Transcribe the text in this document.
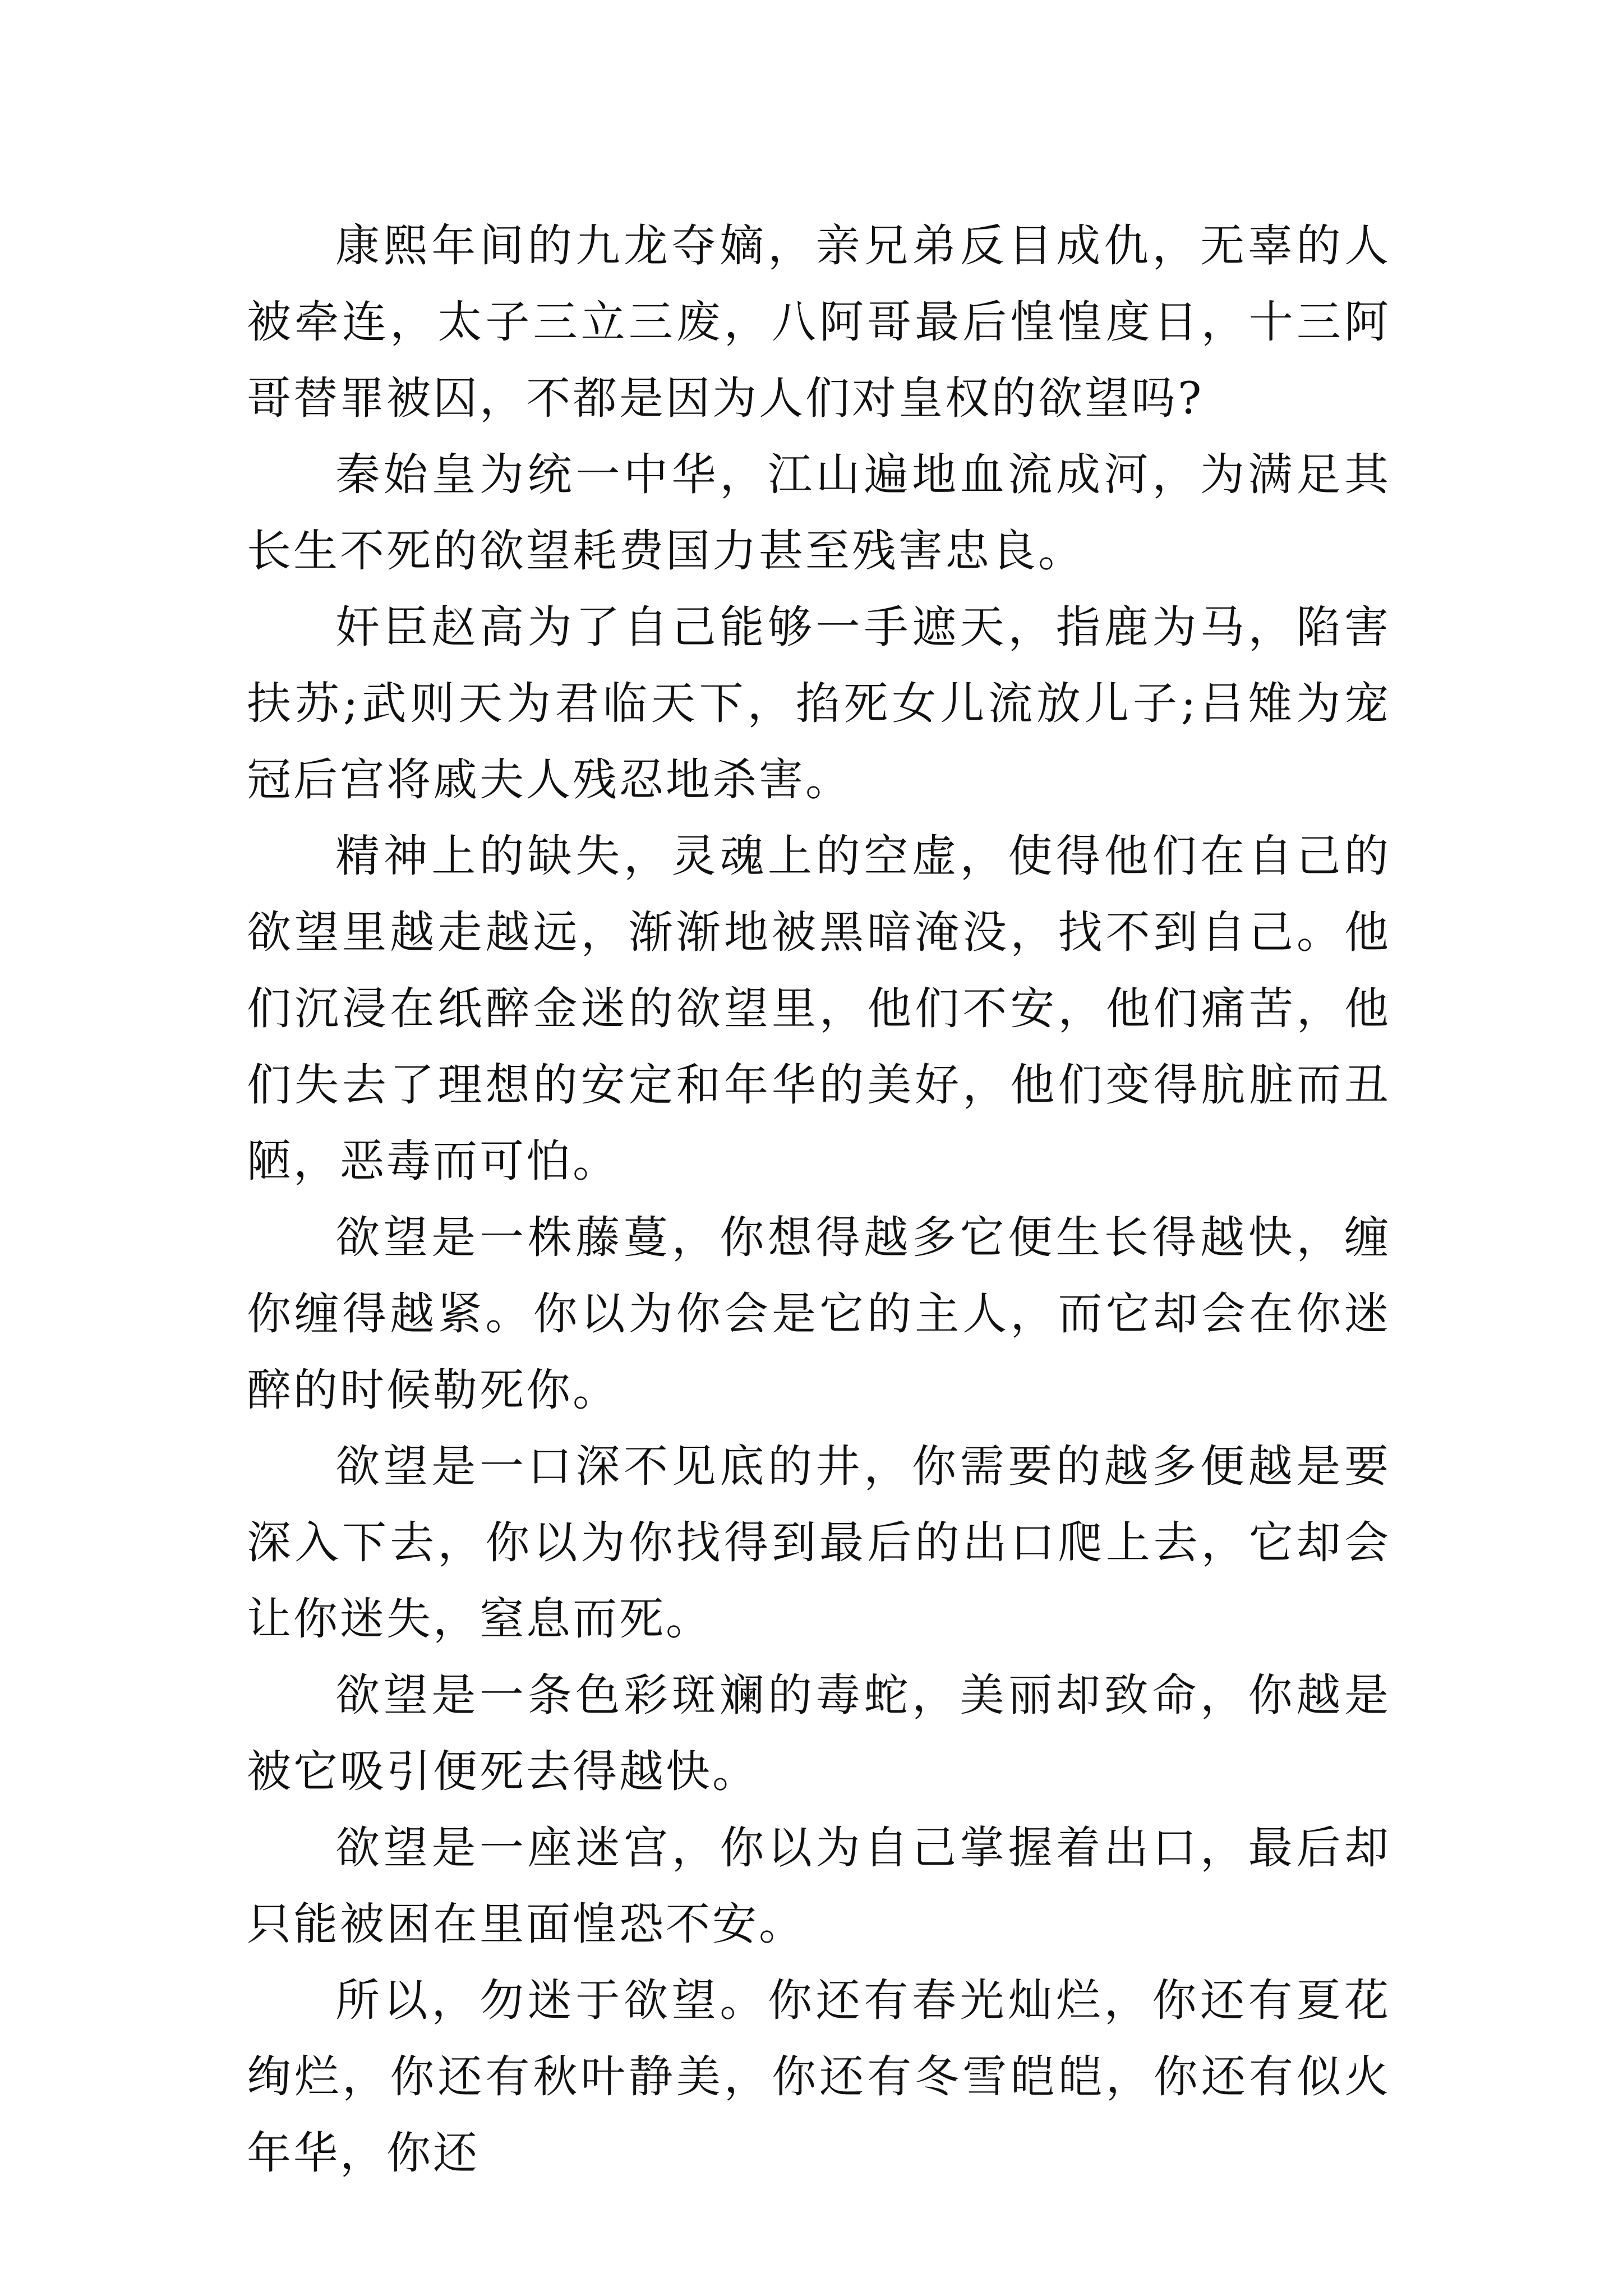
康熙年间的九龙夺嫡，亲兄弟反目成仇，无辜的人被牵连，太子三立三废，八阿哥最后惶惶度日，十三阿哥替罪被囚，不都是因为人们对皇权的欲望吗?

秦始皇为统一中华，江山遍地血流成河，为满足其长生不死的欲望耗费国力甚至残害忠良。

奸臣赵高为了自己能够一手遮天，指鹿为马，陷害扶苏;武则天为君临天下，掐死女儿流放儿子;吕雉为宠冠后宫将戚夫人残忍地杀害。

精神上的缺失，灵魂上的空虚，使得他们在自己的欲望里越走越远，渐渐地被黑暗淹没，找不到自己。他们沉浸在纸醉金迷的欲望里，他们不安，他们痛苦，他们失去了理想的安定和年华的美好，他们变得肮脏而丑陋，恶毒而可怕。

欲望是一株藤蔓，你想得越多它便生长得越快，缠你缠得越紧。你以为你会是它的主人，而它却会在你迷醉的时候勒死你。

欲望是一口深不见底的井，你需要的越多便越是要深入下去，你以为你找得到最后的出口爬上去，它却会让你迷失，窒息而死。

欲望是一条色彩斑斓的毒蛇，美丽却致命，你越是被它吸引便死去得越快。

欲望是一座迷宫，你以为自己掌握着出口，最后却只能被困在里面惶恐不安。

所以，勿迷于欲望。你还有春光灿烂，你还有夏花绚烂，你还有秋叶静美，你还有冬雪皑皑，你还有似火年华，你还
